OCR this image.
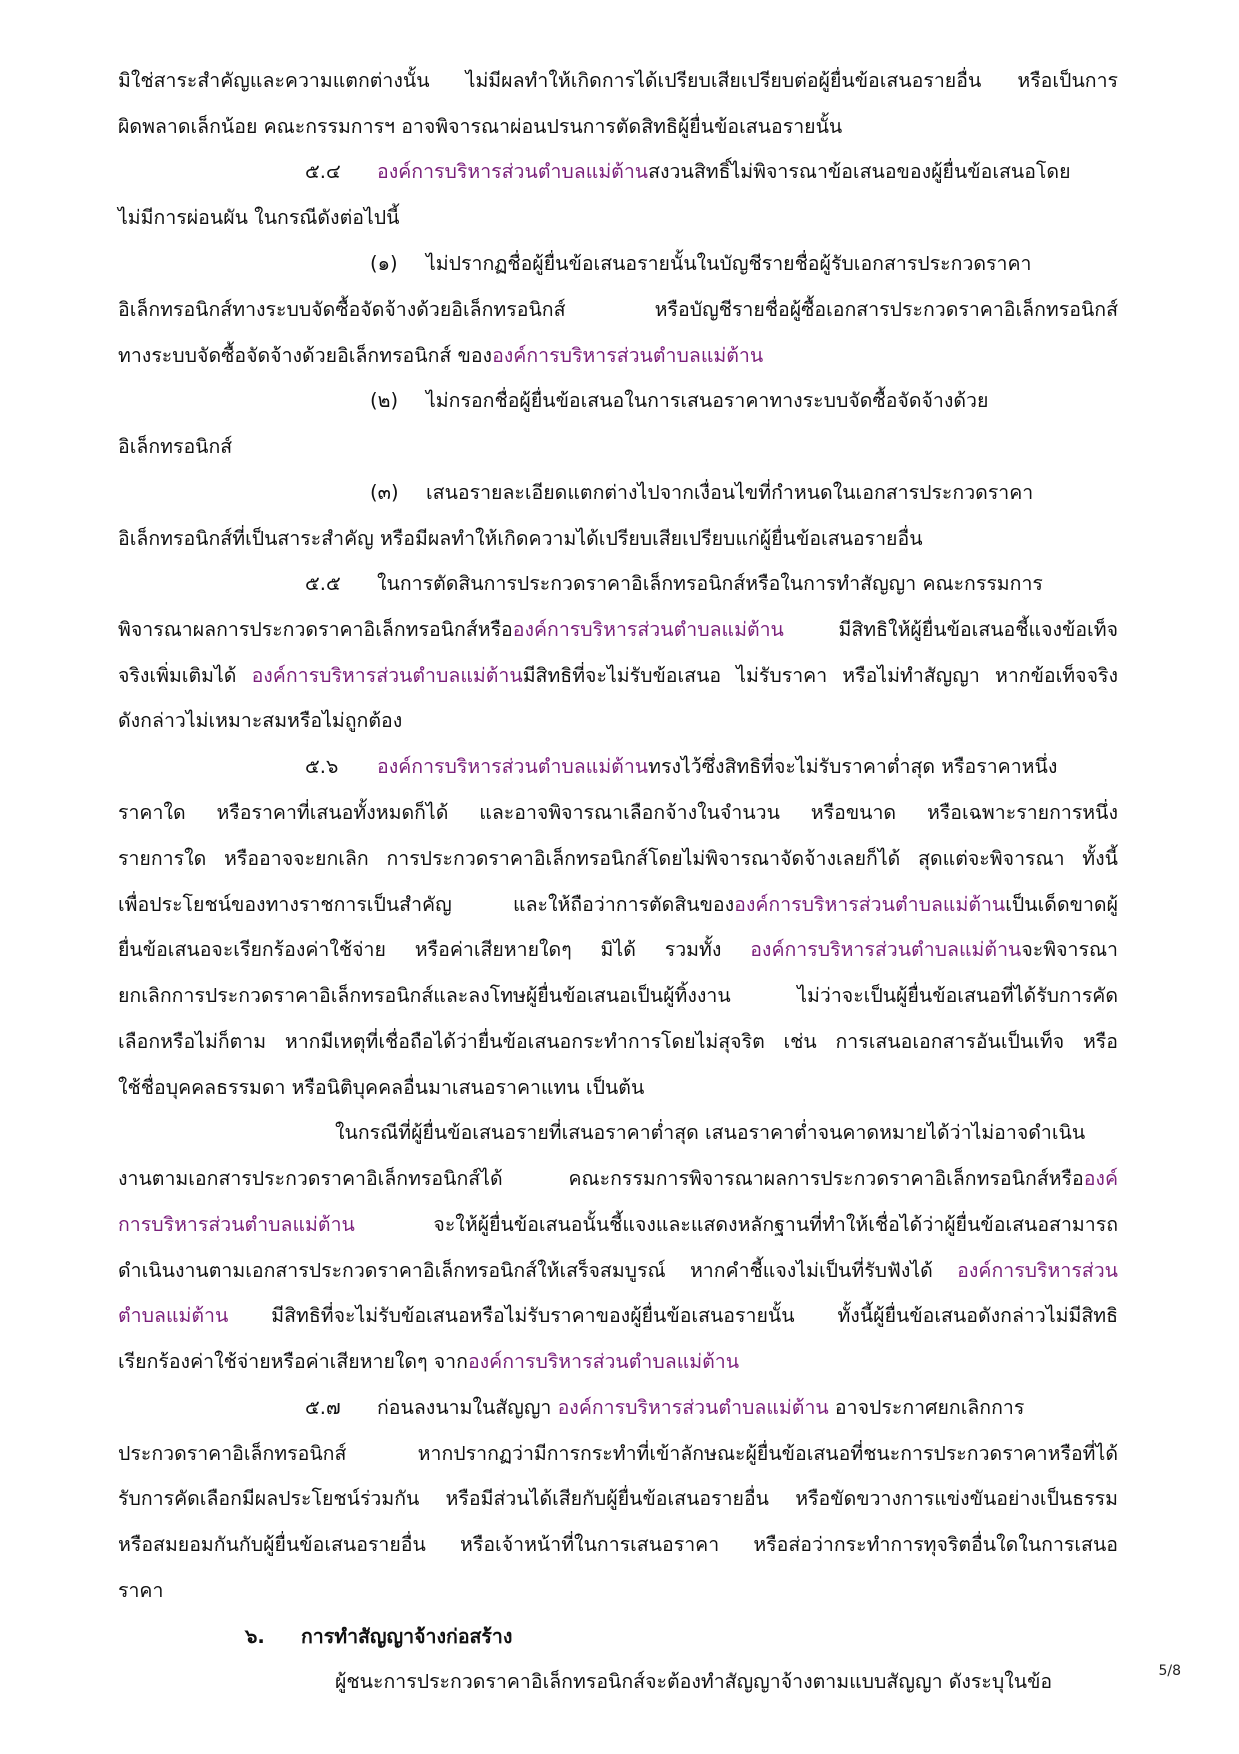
มิใช่สาระสำคัญและความแตกต่างนั้น ไม่มีผลทำให้เกิดการได้เปรียบเสียเปรียบต่อผู้ยื่นข้อเสนอรายอื่น หรือเป็นการ
ผิดพลาดเล็กน้อย คณะกรรมการฯ อาจพิจารณาผ่อนปรนการตัดสิทธิผู้ยื่นข้อเสนอรายนั้น
๕.๔ องค์การบริหารส่วนตำบลแม่ต้านสงวนสิทธิ์ไม่พิจารณาข้อเสนอของผู้ยื่นข้อเสนอโดย
ไม่มีการผ่อนผัน ในกรณีดังต่อไปนี้
(๑) ไม่ปรากฏชื่อผู้ยื่นข้อเสนอรายนั้นในบัญชีรายชื่อผู้รับเอกสารประกวดราคา
อิเล็กทรอนิกส์ทางระบบจัดซื้อจัดจ้างด้วยอิเล็กทรอนิกส์ หรือบัญชีรายชื่อผู้ซื้อเอกสารประกวดราคาอิเล็กทรอนิกส์
ทางระบบจัดซื้อจัดจ้างด้วยอิเล็กทรอนิกส์ ขององค์การบริหารส่วนตำบลแม่ต้าน
(๒) ไม่กรอกชื่อผู้ยื่นข้อเสนอในการเสนอราคาทางระบบจัดซื้อจัดจ้างด้วย
อิเล็กทรอนิกส์
(๓) เสนอรายละเอียดแตกต่างไปจากเงื่อนไขที่กำหนดในเอกสารประกวดราคา
อิเล็กทรอนิกส์ที่เป็นสาระสำคัญ หรือมีผลทำให้เกิดความได้เปรียบเสียเปรียบแก่ผู้ยื่นข้อเสนอรายอื่น
๕.๕ ในการตัดสินการประกวดราคาอิเล็กทรอนิกส์หรือในการทำสัญญา คณะกรรมการ
พิจารณาผลการประกวดราคาอิเล็กทรอนิกส์หรือองค์การบริหารส่วนตำบลแม่ต้าน มีสิทธิให้ผู้ยื่นข้อเสนอชี้แจงข้อเท็จ
จริงเพิ่มเติมได้ องค์การบริหารส่วนตำบลแม่ต้านมีสิทธิที่จะไม่รับข้อเสนอ ไม่รับราคา หรือไม่ทำสัญญา หากข้อเท็จจริง
ดังกล่าวไม่เหมาะสมหรือไม่ถูกต้อง
๕.๖ องค์การบริหารส่วนตำบลแม่ต้านทรงไว้ซึ่งสิทธิที่จะไม่รับราคาต่ำสุด หรือราคาหนึ่ง
ราคาใด หรือราคาที่เสนอทั้งหมดก็ได้ และอาจพิจารณาเลือกจ้างในจำนวน หรือขนาด หรือเฉพาะรายการหนึ่ง
รายการใด หรืออาจจะยกเลิก การประกวดราคาอิเล็กทรอนิกส์โดยไม่พิจารณาจัดจ้างเลยก็ได้ สุดแต่จะพิจารณา ทั้งนี้
เพื่อประโยชน์ของทางราชการเป็นสำคัญ และให้ถือว่าการตัดสินขององค์การบริหารส่วนตำบลแม่ต้านเป็นเด็ดขาดผู้
ยื่นข้อเสนอจะเรียกร้องค่าใช้จ่าย หรือค่าเสียหายใดๆ มิได้ รวมทั้ง องค์การบริหารส่วนตำบลแม่ต้านจะพิจารณา
ยกเลิกการประกวดราคาอิเล็กทรอนิกส์และลงโทษผู้ยื่นข้อเสนอเป็นผู้ทิ้งงาน ไม่ว่าจะเป็นผู้ยื่นข้อเสนอที่ได้รับการคัด
เลือกหรือไม่ก็ตาม หากมีเหตุที่เชื่อถือได้ว่ายื่นข้อเสนอกระทำการโดยไม่สุจริต เช่น การเสนอเอกสารอันเป็นเท็จ หรือ
ใช้ชื่อบุคคลธรรมดา หรือนิติบุคคลอื่นมาเสนอราคาแทน เป็นต้น
ในกรณีที่ผู้ยื่นข้อเสนอรายที่เสนอราคาต่ำสุด เสนอราคาต่ำจนคาดหมายได้ว่าไม่อาจดำเนิน
งานตามเอกสารประกวดราคาอิเล็กทรอนิกส์ได้ คณะกรรมการพิจารณาผลการประกวดราคาอิเล็กทรอนิกส์หรือองค์
การบริหารส่วนตำบลแม่ต้าน จะให้ผู้ยื่นข้อเสนอนั้นชี้แจงและแสดงหลักฐานที่ทำให้เชื่อได้ว่าผู้ยื่นข้อเสนอสามารถ
ดำเนินงานตามเอกสารประกวดราคาอิเล็กทรอนิกส์ให้เสร็จสมบูรณ์ หากคำชี้แจงไม่เป็นที่รับฟังได้ องค์การบริหารส่วน
ตำบลแม่ต้าน มีสิทธิที่จะไม่รับข้อเสนอหรือไม่รับราคาของผู้ยื่นข้อเสนอรายนั้น ทั้งนี้ผู้ยื่นข้อเสนอดังกล่าวไม่มีสิทธิ
เรียกร้องค่าใช้จ่ายหรือค่าเสียหายใดๆ จากองค์การบริหารส่วนตำบลแม่ต้าน
๕.๗ ก่อนลงนามในสัญญา องค์การบริหารส่วนตำบลแม่ต้าน อาจประกาศยกเลิกการ
ประกวดราคาอิเล็กทรอนิกส์ หากปรากฏว่ามีการกระทำที่เข้าลักษณะผู้ยื่นข้อเสนอที่ชนะการประกวดราคาหรือที่ได้
รับการคัดเลือกมีผลประโยชน์ร่วมกัน หรือมีส่วนได้เสียกับผู้ยื่นข้อเสนอรายอื่น หรือขัดขวางการแข่งขันอย่างเป็นธรรม
หรือสมยอมกันกับผู้ยื่นข้อเสนอรายอื่น หรือเจ้าหน้าที่ในการเสนอราคา หรือส่อว่ากระทำการทุจริตอื่นใดในการเสนอ
ราคา
๖. การทำสัญญาจ้างก่อสร้าง
ผู้ชนะการประกวดราคาอิเล็กทรอนิกส์จะต้องทำสัญญาจ้างตามแบบสัญญา ดังระบุในข้อ	5/8
